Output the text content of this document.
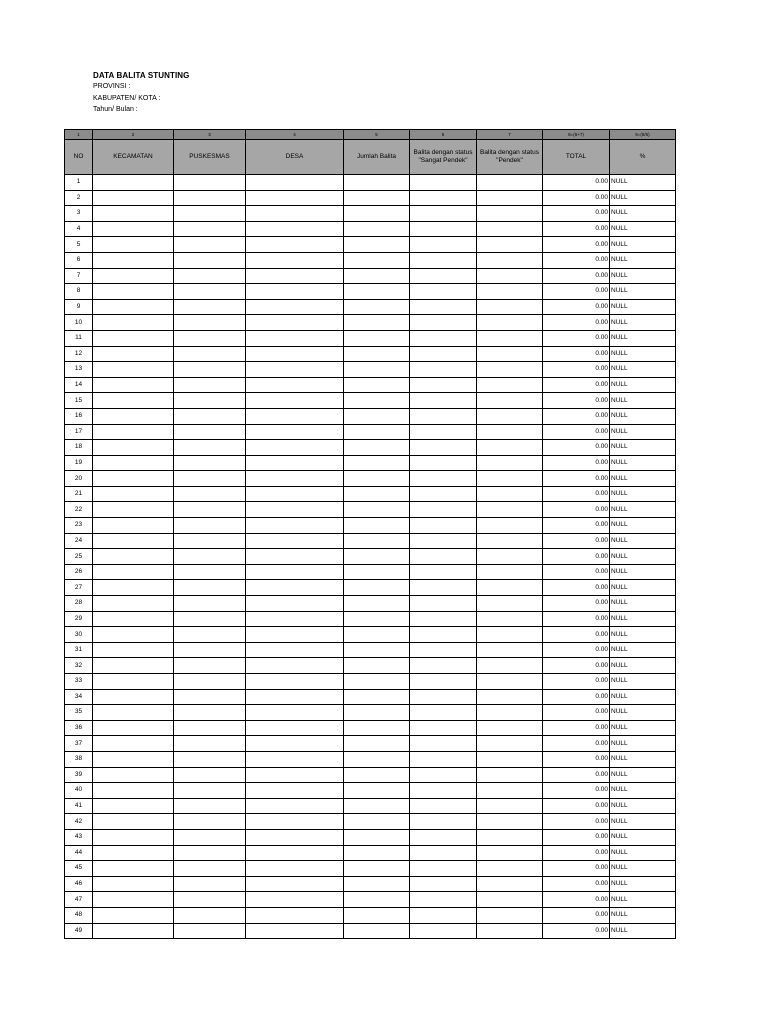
DATA BALITA STUNTING
PROVINSI :
KABUPATEN/ KOTA :
Tahun/ Bulan :
1	2	3	4	5	6	7	8=(6+7)	9=(8/5)
NO	KECAMATAN	PUSKESMAS	DESA	Jumlah Balita	Balita dengan status "Sangat Pendek"	Balita dengan status "Pendek"	TOTAL	%
1							0.00	NULL
2							0.00	NULL
3							0.00	NULL
4							0.00	NULL
5							0.00	NULL
6							0.00	NULL
7							0.00	NULL
8							0.00	NULL
9							0.00	NULL
10							0.00	NULL
11							0.00	NULL
12							0.00	NULL
13							0.00	NULL
14							0.00	NULL
15							0.00	NULL
16							0.00	NULL
17							0.00	NULL
18							0.00	NULL
19							0.00	NULL
20							0.00	NULL
21							0.00	NULL
22							0.00	NULL
23							0.00	NULL
24							0.00	NULL
25							0.00	NULL
26							0.00	NULL
27							0.00	NULL
28							0.00	NULL
29							0.00	NULL
30							0.00	NULL
31							0.00	NULL
32							0.00	NULL
33							0.00	NULL
34							0.00	NULL
35							0.00	NULL
36							0.00	NULL
37							0.00	NULL
38							0.00	NULL
39							0.00	NULL
40							0.00	NULL
41							0.00	NULL
42							0.00	NULL
43							0.00	NULL
44							0.00	NULL
45							0.00	NULL
46							0.00	NULL
47							0.00	NULL
48							0.00	NULL
49							0.00	NULL
